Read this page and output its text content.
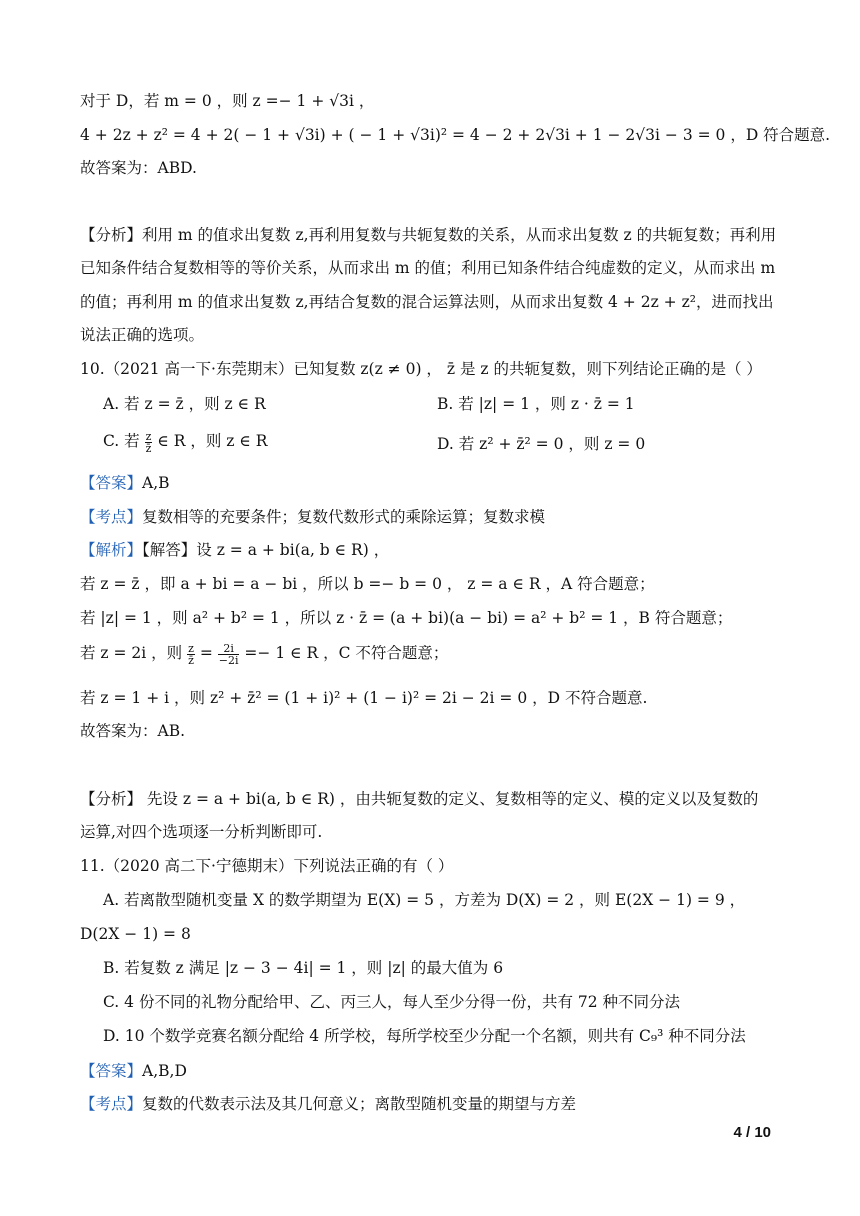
对于 D，若 m = 0 ，则 z =− 1 + √3i ，
4 + 2z + z² = 4 + 2( − 1 + √3i) + ( − 1 + √3i)² = 4 − 2 + 2√3i + 1 − 2√3i − 3 = 0 ，D 符合题意.
故答案为：ABD.
【分析】利用 m 的值求出复数 z,再利用复数与共轭复数的关系，从而求出复数 z 的共轭复数；再利用
已知条件结合复数相等的等价关系，从而求出 m 的值；利用已知条件结合纯虚数的定义，从而求出 m
的值；再利用 m 的值求出复数 z,再结合复数的混合运算法则，从而求出复数 4 + 2z + z²，进而找出
说法正确的选项。
10.（2021 高一下·东莞期末）已知复数 z(z ≠ 0) ， z̄ 是 z 的共轭复数，则下列结论正确的是（ ）
A. 若 z = z̄ ，则 z ∈ R	B. 若 |z| = 1 ，则 z · z̄ = 1
C. 若 $\frac{z}{z̄}$ ∈ R ，则 z ∈ R	D. 若 z² + z̄² = 0 ，则 z = 0
【答案】A,B
【考点】复数相等的充要条件；复数代数形式的乘除运算；复数求模
【解析】【解答】设 z = a + bi(a, b ∈ R) ，
若 z = z̄ ，即 a + bi = a − bi ，所以 b =− b = 0 ， z = a ∈ R ，A 符合题意；
若 |z| = 1 ，则 a² + b² = 1 ，所以 z · z̄ = (a + bi)(a − bi) = a² + b² = 1 ，B 符合题意；
若 z = 2i ，则 $\frac{z}{z̄} = \frac{2i}{-2i} =- 1$ ∈ R ，C 不符合题意；
若 z = 1 + i ，则 z² + z̄² = (1 + i)² + (1 − i)² = 2i − 2i = 0 ，D 不符合题意.
故答案为：AB.
【分析】 先设 z = a + bi(a, b ∈ R) ，由共轭复数的定义、复数相等的定义、模的定义以及复数的
运算,对四个选项逐一分析判断即可.
11.（2020 高二下·宁德期末）下列说法正确的有（ ）
A. 若离散型随机变量 X 的数学期望为 E(X) = 5 ，方差为 D(X) = 2 ，则 E(2X − 1) = 9 ，
D(2X − 1) = 8
B. 若复数 z 满足 |z − 3 − 4i| = 1 ，则 |z| 的最大值为 6
C. 4 份不同的礼物分配给甲、乙、丙三人，每人至少分得一份，共有 72 种不同分法
D. 10 个数学竞赛名额分配给 4 所学校，每所学校至少分配一个名额，则共有 C₉³ 种不同分法
【答案】A,B,D
【考点】复数的代数表示法及其几何意义；离散型随机变量的期望与方差
4 / 10
